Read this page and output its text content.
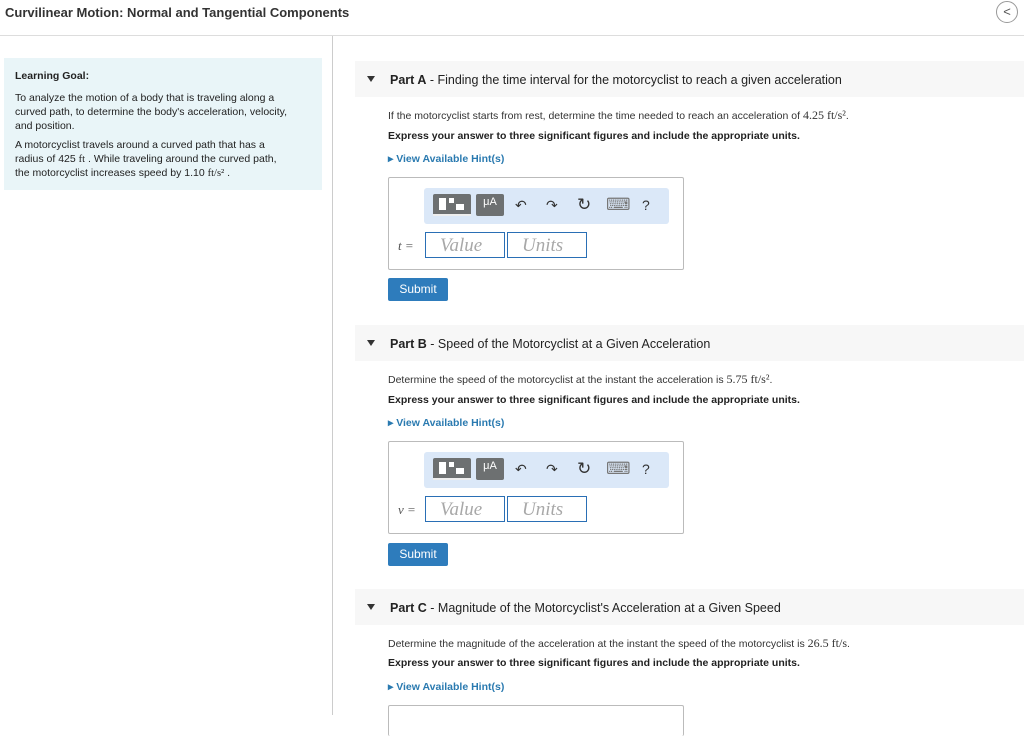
Curvilinear Motion: Normal and Tangential Components	<
Learning Goal:
To analyze the motion of a body that is traveling along a
curved path, to determine the body's acceleration, velocity,
and position.
A motorcyclist travels around a curved path that has a
radius of 425 ft . While traveling around the curved path,
the motorcyclist increases speed by 1.10 ft/s² .
Part A - Finding the time interval for the motorcyclist to reach a given acceleration
If the motorcyclist starts from rest, determine the time needed to reach an acceleration of 4.25 ft/s².
Express your answer to three significant figures and include the appropriate units.
▸ View Available Hint(s)
μA	↶ ↷ ↻ ⌨ ?
t =	Value	Units
Submit
Part B - Speed of the Motorcyclist at a Given Acceleration
Determine the speed of the motorcyclist at the instant the acceleration is 5.75 ft/s².
Express your answer to three significant figures and include the appropriate units.
▸ View Available Hint(s)
μA	↶ ↷ ↻ ⌨ ?
v =	Value	Units
Submit
Part C - Magnitude of the Motorcyclist's Acceleration at a Given Speed
Determine the magnitude of the acceleration at the instant the speed of the motorcyclist is 26.5 ft/s.
Express your answer to three significant figures and include the appropriate units.
▸ View Available Hint(s)
